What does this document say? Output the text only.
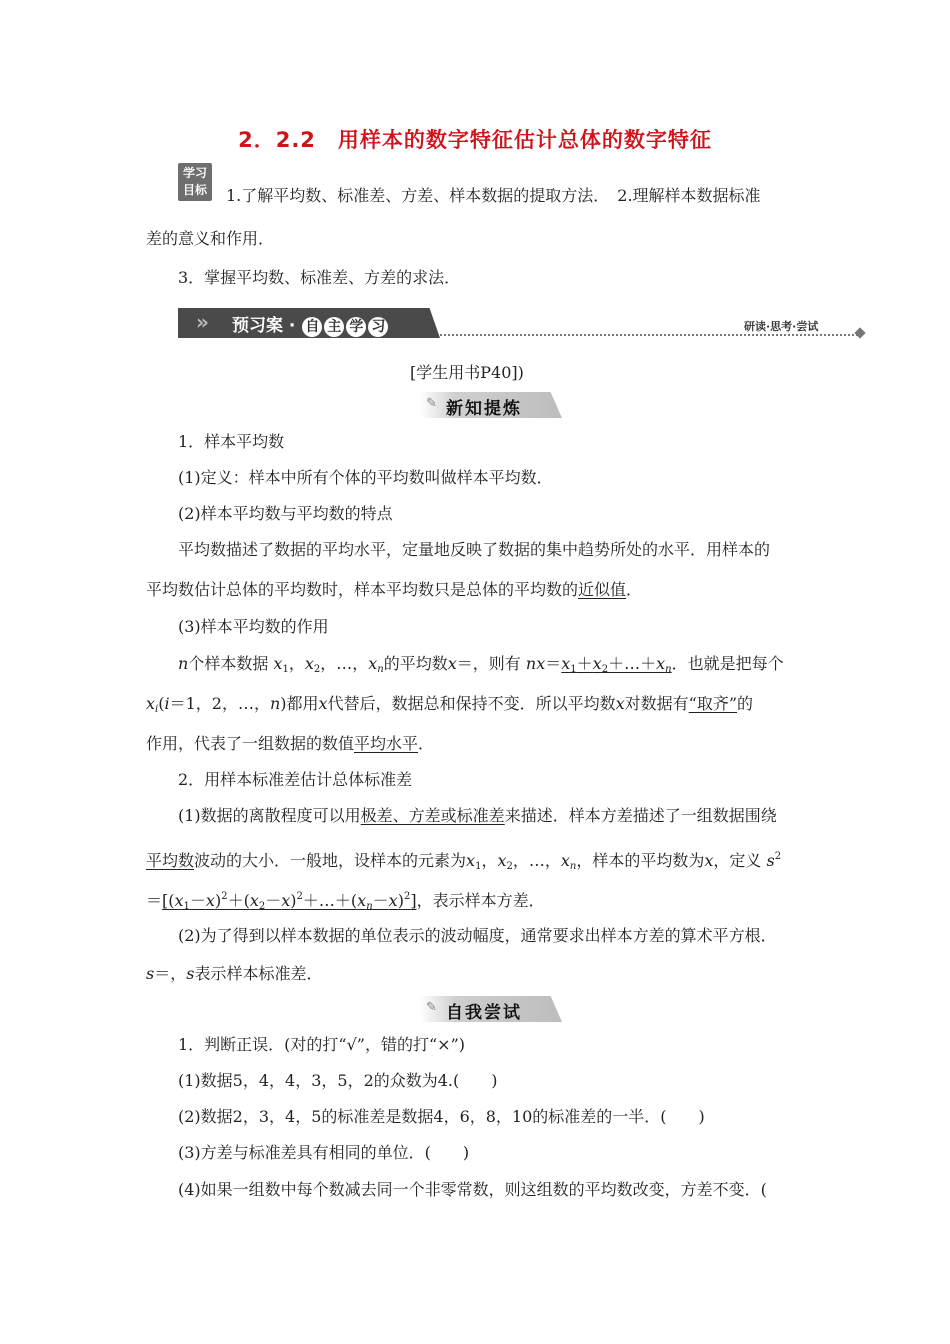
2．2.2　用样本的数字特征估计总体的数字特征
学习
目标	1.了解平均数、标准差、方差、样本数据的提取方法．　2.理解样本数据标准
差的意义和作用．
3．掌握平均数、标准差、方差的求法．
» 预习案 · 自 主 学 习	研读·思考·尝试
[学生用书P40])
✎ 新知提炼
1．样本平均数
(1)定义：样本中所有个体的平均数叫做样本平均数．
(2)样本平均数与平均数的特点
平均数描述了数据的平均水平，定量地反映了数据的集中趋势所处的水平．用样本的
平均数估计总体的平均数时，样本平均数只是总体的平均数的近似值．
(3)样本平均数的作用
n个样本数据 $x_1$，$x_2$，…，$x_n$的平均数x＝，则有 $nx=x_1+x_2+\dots+x_n$．也就是把每个
$x_i(i=1$，2，…，n)都用x代替后，数据总和保持不变．所以平均数x对数据有“取齐”的
作用，代表了一组数据的数值平均水平．
2．用样本标准差估计总体标准差
(1)数据的离散程度可以用极差、方差或标准差来描述．样本方差描述了一组数据围绕
平均数波动的大小．一般地，设样本的元素为$x_1$，$x_2$，…，$x_n$，样本的平均数为x，定义 $s^2$
$=[(x_1-x)^2+(x_2-x)^2+\dots+(x_n-x)^2]$，表示样本方差．
(2)为了得到以样本数据的单位表示的波动幅度，通常要求出样本方差的算术平方根．
s＝，s表示样本标准差．
✎ 自我尝试
1．判断正误．(对的打“√”，错的打“×”)
(1)数据5，4，4，3，5，2的众数为4.(　　)
(2)数据2，3，4，5的标准差是数据4，6，8，10的标准差的一半．(　　)
(3)方差与标准差具有相同的单位．(　　)
(4)如果一组数中每个数减去同一个非零常数，则这组数的平均数改变，方差不变．(
